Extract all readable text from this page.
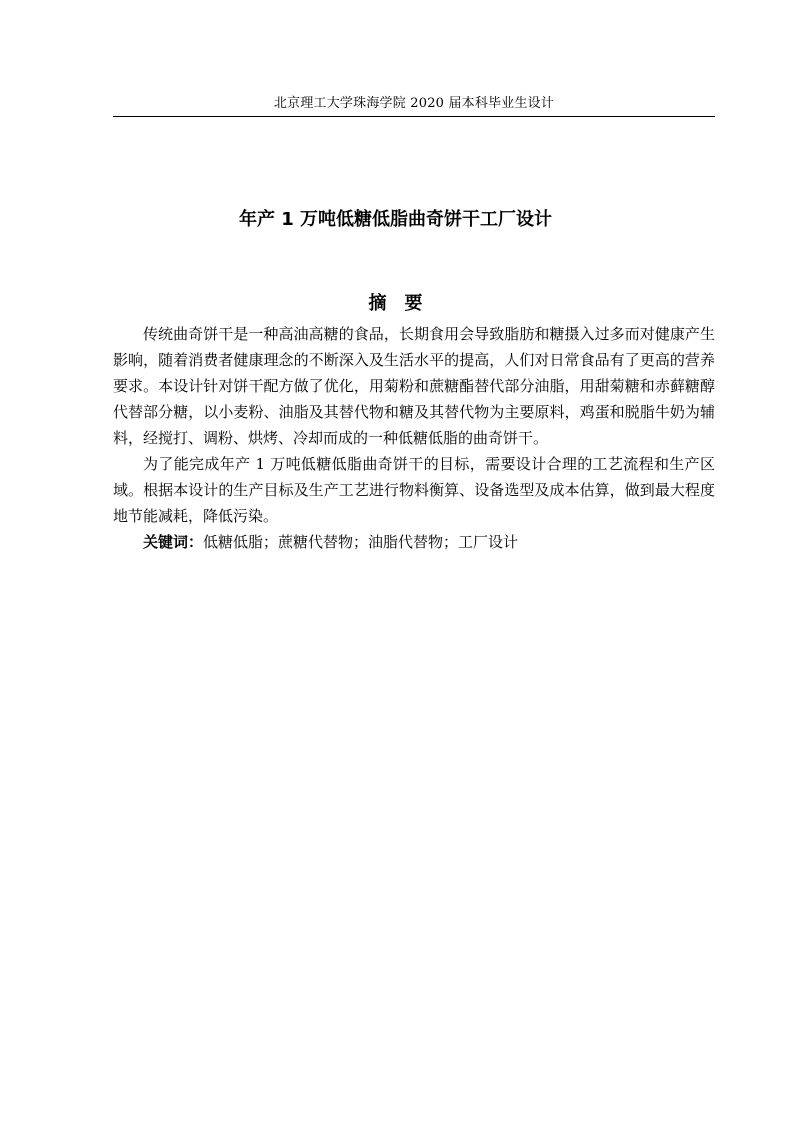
北京理工大学珠海学院 2020 届本科毕业生设计
年产 1 万吨低糖低脂曲奇饼干工厂设计
摘要

传统曲奇饼干是一种高油高糖的食品，长期食用会导致脂肪和糖摄入过多而对健康产生影响，随着消费者健康理念的不断深入及生活水平的提高，人们对日常食品有了更高的营养要求。本设计针对饼干配方做了优化，用菊粉和蔗糖酯替代部分油脂，用甜菊糖和赤藓糖醇代替部分糖，以小麦粉、油脂及其替代物和糖及其替代物为主要原料，鸡蛋和脱脂牛奶为辅料，经搅打、调粉、烘烤、冷却而成的一种低糖低脂的曲奇饼干。

为了能完成年产 1 万吨低糖低脂曲奇饼干的目标，需要设计合理的工艺流程和生产区域。根据本设计的生产目标及生产工艺进行物料衡算、设备选型及成本估算，做到最大程度地节能减耗，降低污染。

关键词：低糖低脂；蔗糖代替物；油脂代替物；工厂设计
